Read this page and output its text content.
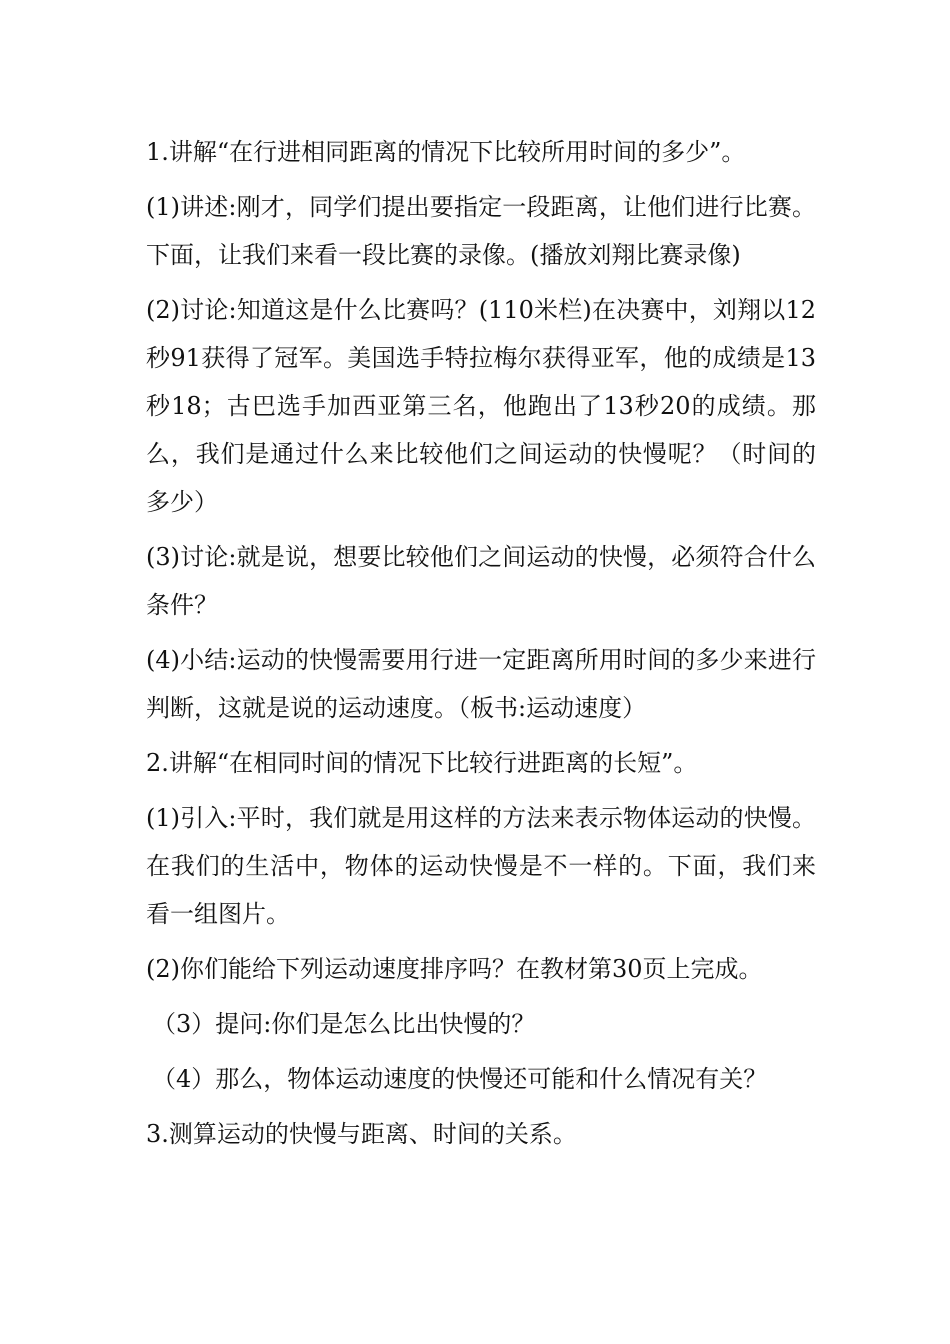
1.讲解“在行进相同距离的情况下比较所用时间的多少”。

(1)讲述:刚才，同学们提出要指定一段距离，让他们进行比赛。下面，让我们来看一段比赛的录像。(播放刘翔比赛录像)

(2)讨论:知道这是什么比赛吗？(110米栏)在决赛中，刘翔以12秒91获得了冠军。美国选手特拉梅尔获得亚军，他的成绩是13秒18；古巴选手加西亚第三名，他跑出了13秒20的成绩。那么，我们是通过什么来比较他们之间运动的快慢呢？（时间的多少）

(3)讨论:就是说，想要比较他们之间运动的快慢，必须符合什么条件？

(4)小结:运动的快慢需要用行进一定距离所用时间的多少来进行判断，这就是说的运动速度。（板书:运动速度）

2.讲解“在相同时间的情况下比较行进距离的长短”。

(1)引入:平时，我们就是用这样的方法来表示物体运动的快慢。在我们的生活中，物体的运动快慢是不一样的。下面，我们来看一组图片。

(2)你们能给下列运动速度排序吗？在教材第30页上完成。

（3）提问:你们是怎么比出快慢的？

（4）那么，物体运动速度的快慢还可能和什么情况有关？

3.测算运动的快慢与距离、时间的关系。
